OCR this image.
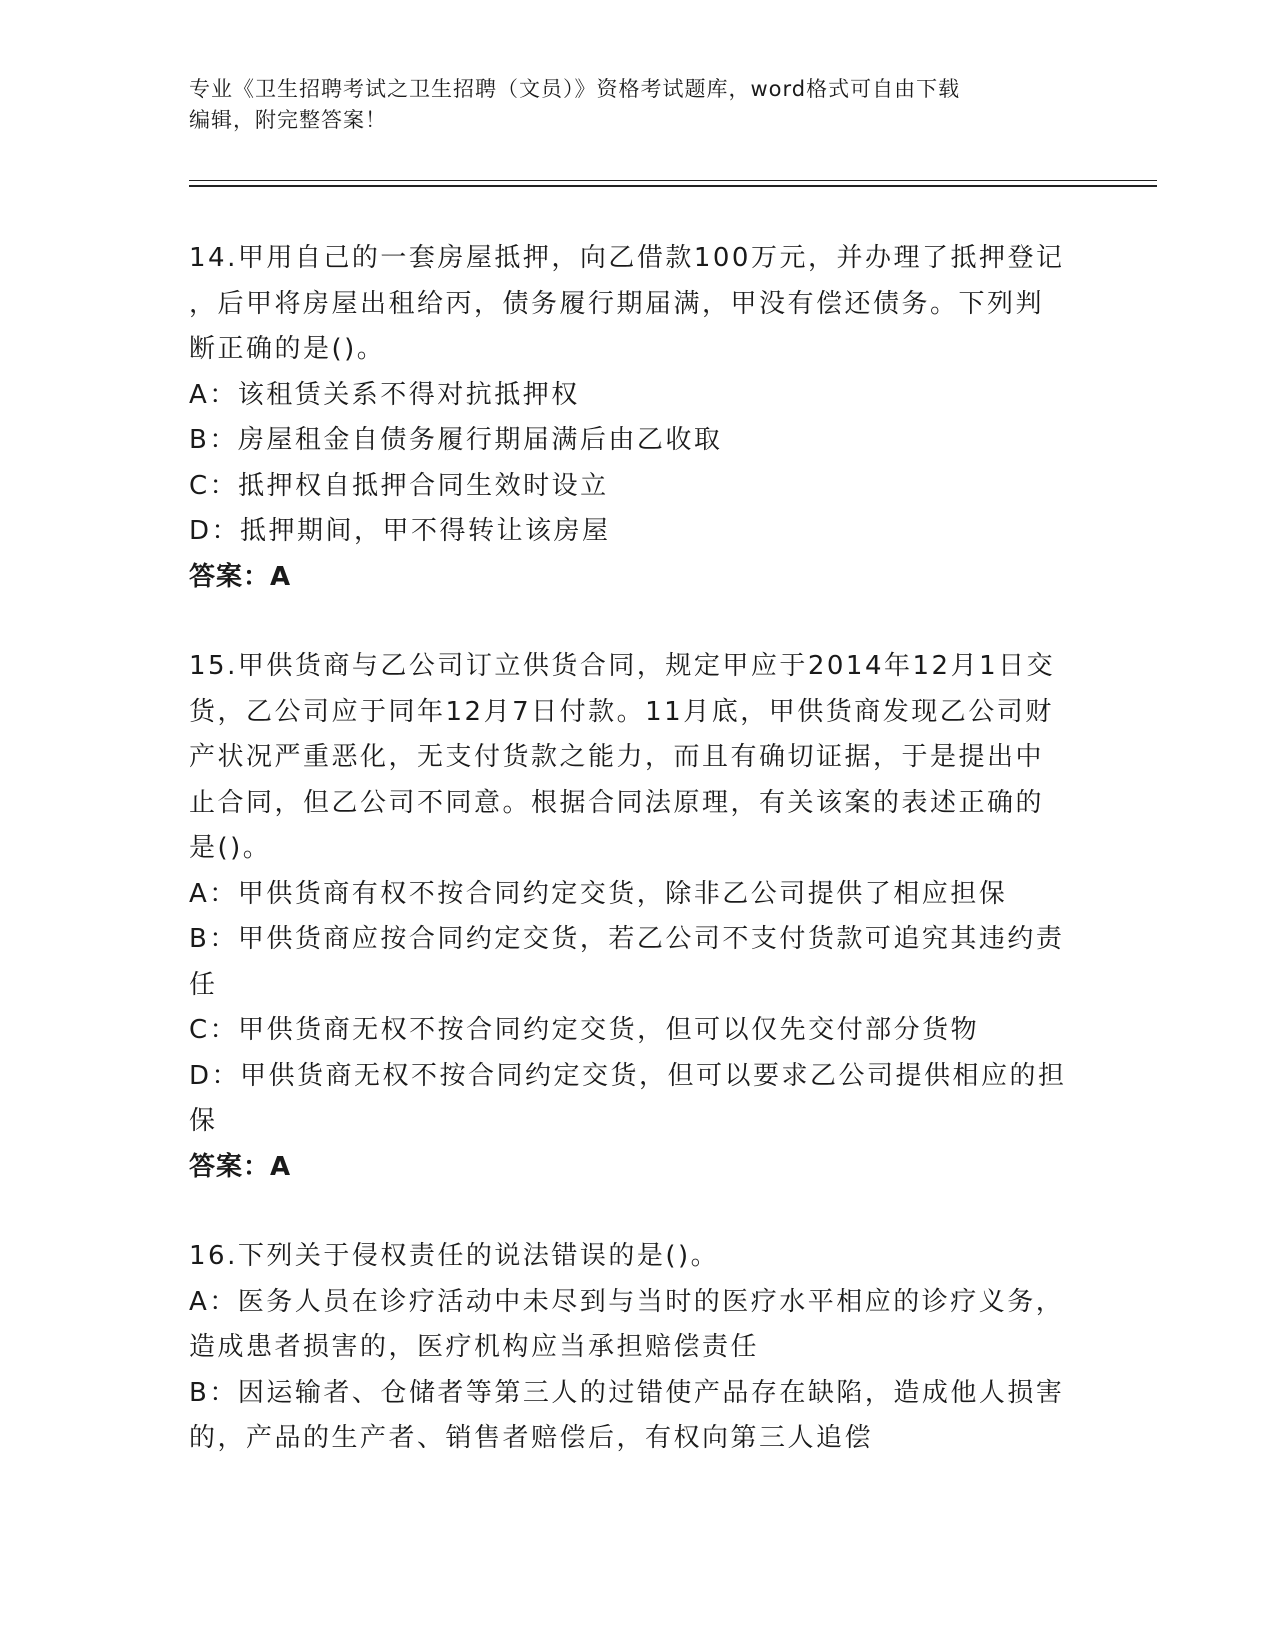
专业《卫生招聘考试之卫生招聘（文员）》资格考试题库，word格式可自由下载
编辑，附完整答案！
14.甲用自己的一套房屋抵押，向乙借款100万元，并办理了抵押登记
，后甲将房屋出租给丙，债务履行期届满，甲没有偿还债务。下列判
断正确的是()。
A：该租赁关系不得对抗抵押权
B：房屋租金自债务履行期届满后由乙收取
C：抵押权自抵押合同生效时设立
D：抵押期间，甲不得转让该房屋
答案：A
15.甲供货商与乙公司订立供货合同，规定甲应于2014年12月1日交
货，乙公司应于同年12月7日付款。11月底，甲供货商发现乙公司财
产状况严重恶化，无支付货款之能力，而且有确切证据，于是提出中
止合同，但乙公司不同意。根据合同法原理，有关该案的表述正确的
是()。
A：甲供货商有权不按合同约定交货，除非乙公司提供了相应担保
B：甲供货商应按合同约定交货，若乙公司不支付货款可追究其违约责
任
C：甲供货商无权不按合同约定交货，但可以仅先交付部分货物
D：甲供货商无权不按合同约定交货，但可以要求乙公司提供相应的担
保
答案：A
16.下列关于侵权责任的说法错误的是()。
A：医务人员在诊疗活动中未尽到与当时的医疗水平相应的诊疗义务，
造成患者损害的，医疗机构应当承担赔偿责任
B：因运输者、仓储者等第三人的过错使产品存在缺陷，造成他人损害
的，产品的生产者、销售者赔偿后，有权向第三人追偿
